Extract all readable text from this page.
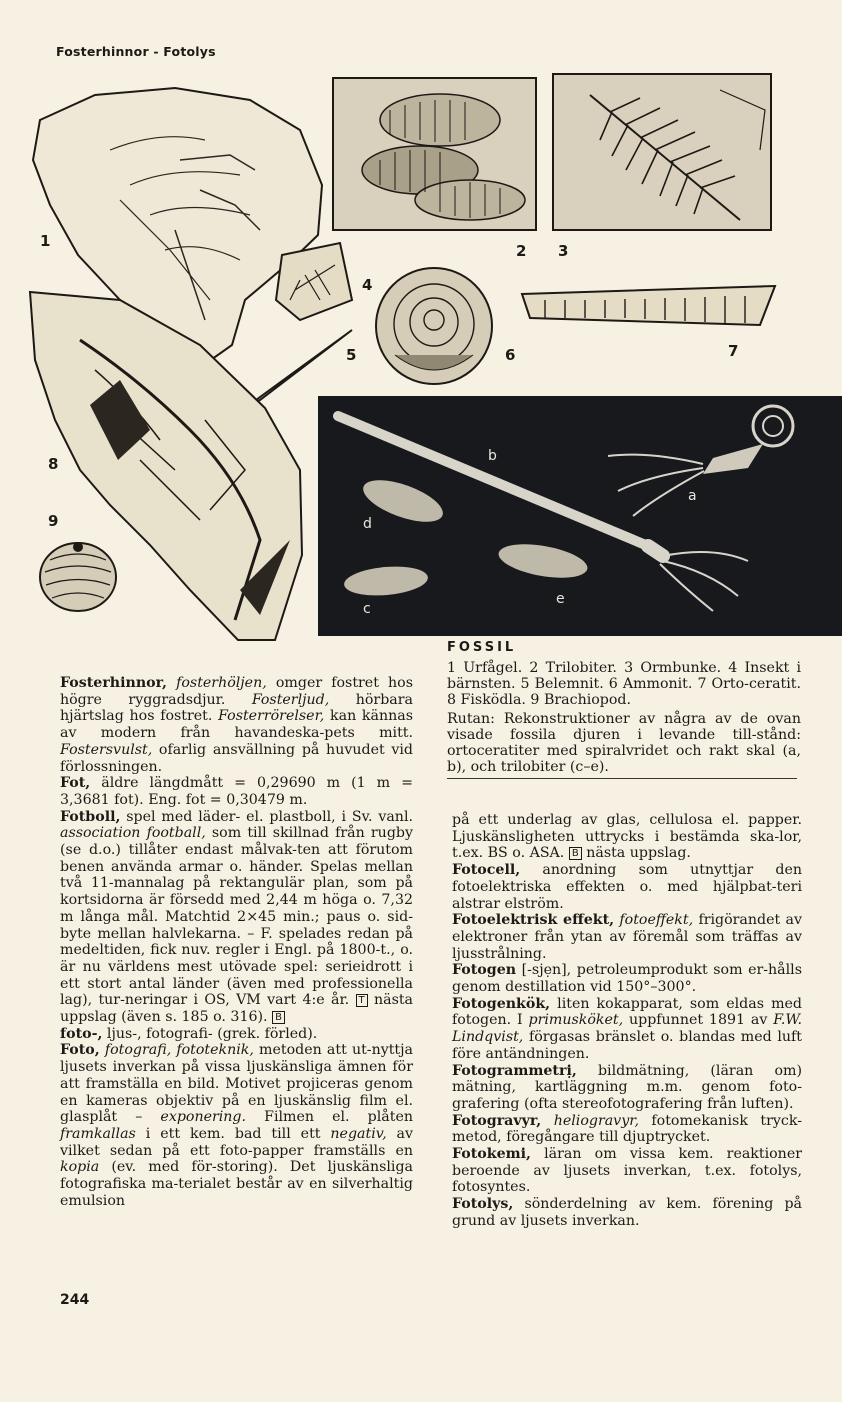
Fosterhinnor - Fotolys
1
2 3
4
5	6	7
8
9
a
b
c
d
e
FOSSIL

1 Urfågel. 2 Trilobiter. 3 Ormbunke. 4 Insekt i bärnsten. 5 Belemnit. 6 Ammonit. 7 Orto-ceratit. 8 Fisködla. 9 Brachiopod.

Rutan: Rekonstruktioner av några av de ovan visade fossila djuren i levande till-stånd: ortoceratiter med spiralvridet och rakt skal (a, b), och trilobiter (c–e).

Fosterhinnor, fosterhöljen, omger fostret hos högre ryggradsdjur. Fosterljud, hörbara hjärtslag hos fostret. Fosterrörelser, kan kännas av modern från havandeska-pets mitt. Fostersvulst, ofarlig ansvällning på huvudet vid förlossningen.

Fot, äldre längdmått = 0,29690 m (1 m = 3,3681 fot). Eng. fot = 0,30479 m.

Fotboll, spel med läder- el. plastboll, i Sv. vanl. association football, som till skillnad från rugby (se d.o.) tillåter endast målvak-ten att förutom benen använda armar o. händer. Spelas mellan två 11-mannalag på rektangulär plan, som på kortsidorna är försedd med 2,44 m höga o. 7,32 m långa mål. Matchtid 2×45 min.; paus o. sid-byte mellan halvlekarna. – F. spelades redan på medeltiden, fick nuv. regler i Engl. på 1800-t., o. är nu världens mest utövade spel: serieidrott i ett stort antal länder (även med professionella lag), tur-neringar i OS, VM vart 4:e år. T nästa uppslag (även s. 185 o. 316). B

foto-, ljus-, fotografi- (grek. förled).

Foto, fotografi, fototeknik, metoden att ut-nyttja ljusets inverkan på vissa ljuskänsliga ämnen för att framställa en bild. Motivet projiceras genom en kameras objektiv på en ljuskänslig film el. glasplåt – exponering. Filmen el. plåten framkallas i ett kem. bad till ett negativ, av vilket sedan på ett foto-papper framställs en kopia (ev. med för-storing). Det ljuskänsliga fotografiska ma-terialet består av en silverhaltig emulsion

på ett underlag av glas, cellulosa el. papper. Ljuskänsligheten uttrycks i bestämda ska-lor, t.ex. BS o. ASA. B nästa uppslag.

Fotocell, anordning som utnyttjar den fotoelektriska effekten o. med hjälpbat-teri alstrar elström.

Fotoelektrisk effekt, fotoeffekt, frigörandet av elektroner från ytan av föremål som träffas av ljusstrålning.

Fotogen [-sjẹn], petroleumprodukt som er-hålls genom destillation vid 150°–300°.

Fotogenkök, liten kokapparat, som eldas med fotogen. I primusköket, uppfunnet 1891 av F.W. Lindqvist, förgasas bränslet o. blandas med luft före antändningen.

Fotogrammetrị, bildmätning, (läran om) mätning, kartläggning m.m. genom foto-grafering (ofta stereofotografering från luften).

Fotogravyr, heliogravyr, fotomekanisk tryck-metod, föregångare till djuptrycket.

Fotokemi, läran om vissa kem. reaktioner beroende av ljusets inverkan, t.ex. fotolys, fotosyntes.

Fotolys, sönderdelning av kem. förening på grund av ljusets inverkan.

244
